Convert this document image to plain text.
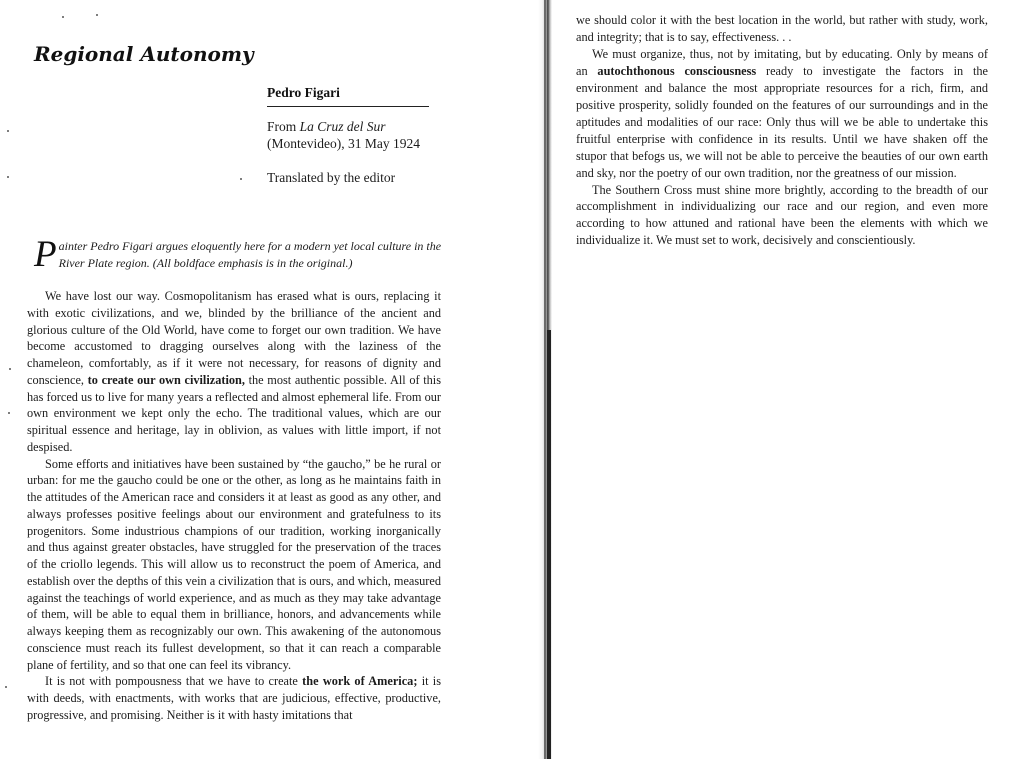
Regional Autonomy
Pedro Figari
From La Cruz del Sur
(Montevideo), 31 May 1924
Translated by the editor
Painter Pedro Figari argues eloquently here for a modern yet local culture in the River Plate region. (All boldface emphasis is in the original.)

We have lost our way. Cosmopolitanism has erased what is ours, replacing it with exotic civilizations, and we, blinded by the brilliance of the ancient and glorious culture of the Old World, have come to forget our own tradition. We have become accustomed to dragging ourselves along with the laziness of the chameleon, comfortably, as if it were not necessary, for reasons of dignity and conscience, to create our own civilization, the most authentic possible. All of this has forced us to live for many years a reflected and almost ephemeral life. From our own environment we kept only the echo. The traditional values, which are our spiritual essence and heritage, lay in oblivion, as values with little import, if not despised.

Some efforts and initiatives have been sustained by “the gaucho,” be he rural or urban: for me the gaucho could be one or the other, as long as he maintains faith in the attitudes of the American race and considers it at least as good as any other, and always professes positive feelings about our environment and gratefulness to its progenitors. Some industrious champions of our tradition, working inorganically and thus against greater obstacles, have struggled for the preservation of the traces of the criollo legends. This will allow us to reconstruct the poem of America, and establish over the depths of this vein a civilization that is ours, and which, measured against the teachings of world experience, and as much as they may take advantage of them, will be able to equal them in brilliance, honors, and advancements while always keeping them as recognizably our own. This awakening of the autonomous conscience must reach its fullest development, so that it can reach a comparable plane of fertility, and so that one can feel its vibrancy.

It is not with pompousness that we have to create the work of America; it is with deeds, with enactments, with works that are judicious, effective, productive, progressive, and promising. Neither is it with hasty imitations that

we should color it with the best location in the world, but rather with study, work, and integrity; that is to say, effectiveness. . .

We must organize, thus, not by imitating, but by educating. Only by means of an autochthonous consciousness ready to investigate the factors in the environment and balance the most appropriate resources for a rich, firm, and positive prosperity, solidly founded on the features of our surroundings and in the aptitudes and modalities of our race: Only thus will we be able to undertake this fruitful enterprise with confidence in its results. Until we have shaken off the stupor that befogs us, we will not be able to perceive the beauties of our own earth and sky, nor the poetry of our own tradition, nor the greatness of our mission.

The Southern Cross must shine more brightly, according to the breadth of our accomplishment in individualizing our race and our region, and even more according to how attuned and rational have been the elements with which we individualize it. We must set to work, decisively and conscientiously.
